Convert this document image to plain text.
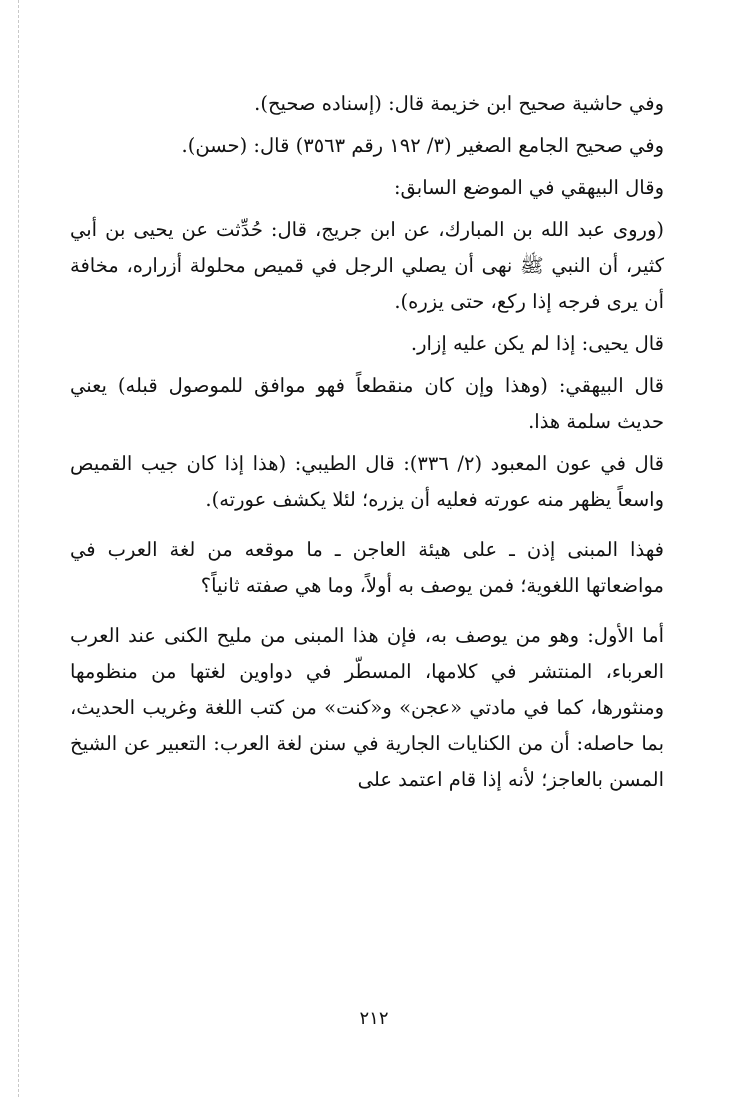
وفي حاشية صحيح ابن خزيمة قال: (إسناده صحيح).

وفي صحيح الجامع الصغير (٣/ ١٩٢ رقم ٣٥٦٣) قال: (حسن).

وقال البيهقي في الموضع السابق:

(وروى عبد الله بن المبارك، عن ابن جريج، قال: حُدِّثت عن يحيى بن أبي كثير، أن النبي ﷺ نهى أن يصلي الرجل في قميص محلولة أزراره، مخافة أن يرى فرجه إذا ركع، حتى يزره).

قال يحيى: إذا لم يكن عليه إزار.

قال البيهقي: (وهذا وإن كان منقطعاً فهو موافق للموصول قبله) يعني حديث سلمة هذا.

قال في عون المعبود (٢/ ٣٣٦): قال الطيبي: (هذا إذا كان جيب القميص واسعاً يظهر منه عورته فعليه أن يزره؛ لئلا يكشف عورته).

فهذا المبنى إذن ـ على هيئة العاجن ـ ما موقعه من لغة العرب في مواضعاتها اللغوية؛ فمن يوصف به أولاً، وما هي صفته ثانياً؟

أما الأول: وهو من يوصف به، فإن هذا المبنى من مليح الكنى عند العرب العرباء، المنتشر في كلامها، المسطّر في دواوين لغتها من منظومها ومنثورها، كما في مادتي «عجن» و«كنت» من كتب اللغة وغريب الحديث، بما حاصله: أن من الكنايات الجارية في سنن لغة العرب: التعبير عن الشيخ المسن بالعاجز؛ لأنه إذا قام اعتمد على

٢١٢
